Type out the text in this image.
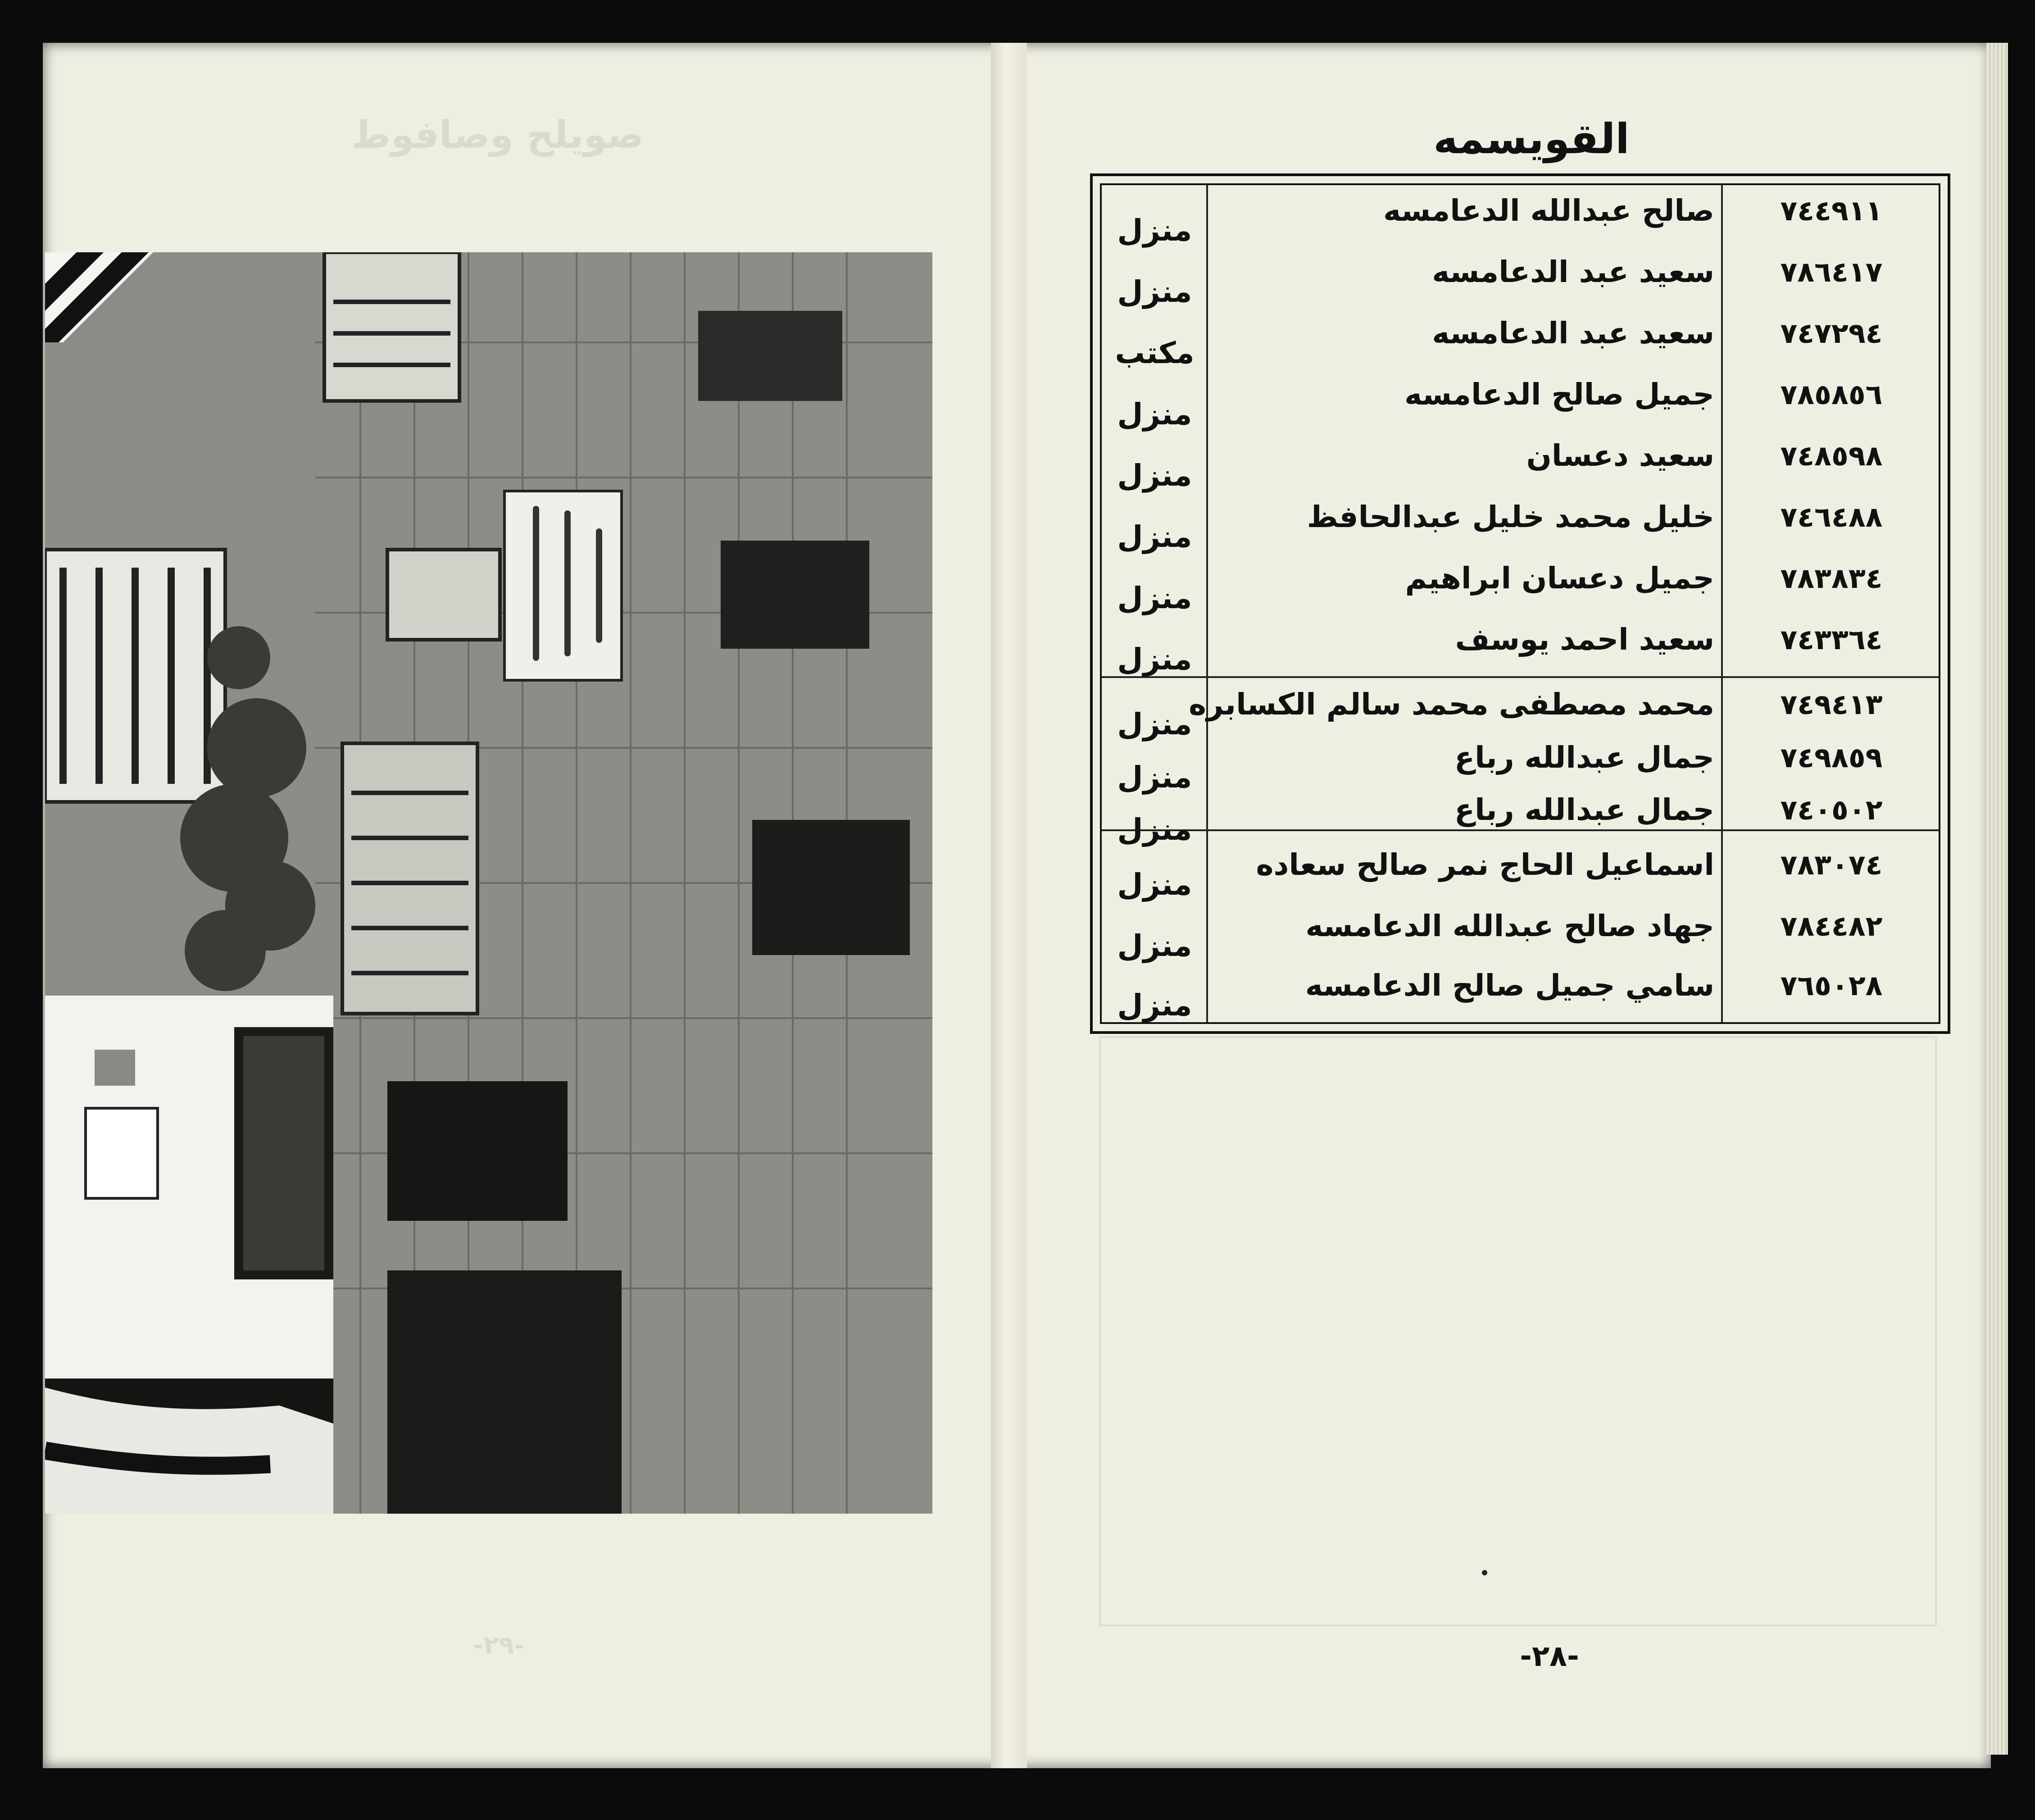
صويلح وصافوط
-٢٩-
القويسمه
٧٤٤٩١١
صالح عبدالله الدعامسه
منزل
٧٨٦٤١٧
سعيد عبد الدعامسه
منزل
٧٤٧٢٩٤
سعيد عبد الدعامسه
مكتب
٧٨٥٨٥٦
جميل صالح الدعامسه
منزل
٧٤٨٥٩٨
سعيد دعسان
منزل
٧٤٦٤٨٨
خليل محمد خليل عبدالحافظ
منزل
٧٨٣٨٣٤
جميل دعسان ابراهيم
منزل
٧٤٣٣٦٤
سعيد احمد يوسف
منزل
٧٤٩٤١٣
محمد مصطفى محمد سالم الكسابره
منزل
٧٤٩٨٥٩
جمال عبدالله رباع
منزل
٧٤٠٥٠٢
جمال عبدالله رباع
منزل
٧٨٣٠٧٤
اسماعيل الحاج نمر صالح سعاده
منزل
٧٨٤٤٨٢
جهاد صالح عبدالله الدعامسه
منزل
٧٦٥٠٢٨
سامي جميل صالح الدعامسه
منزل
-٢٨-
